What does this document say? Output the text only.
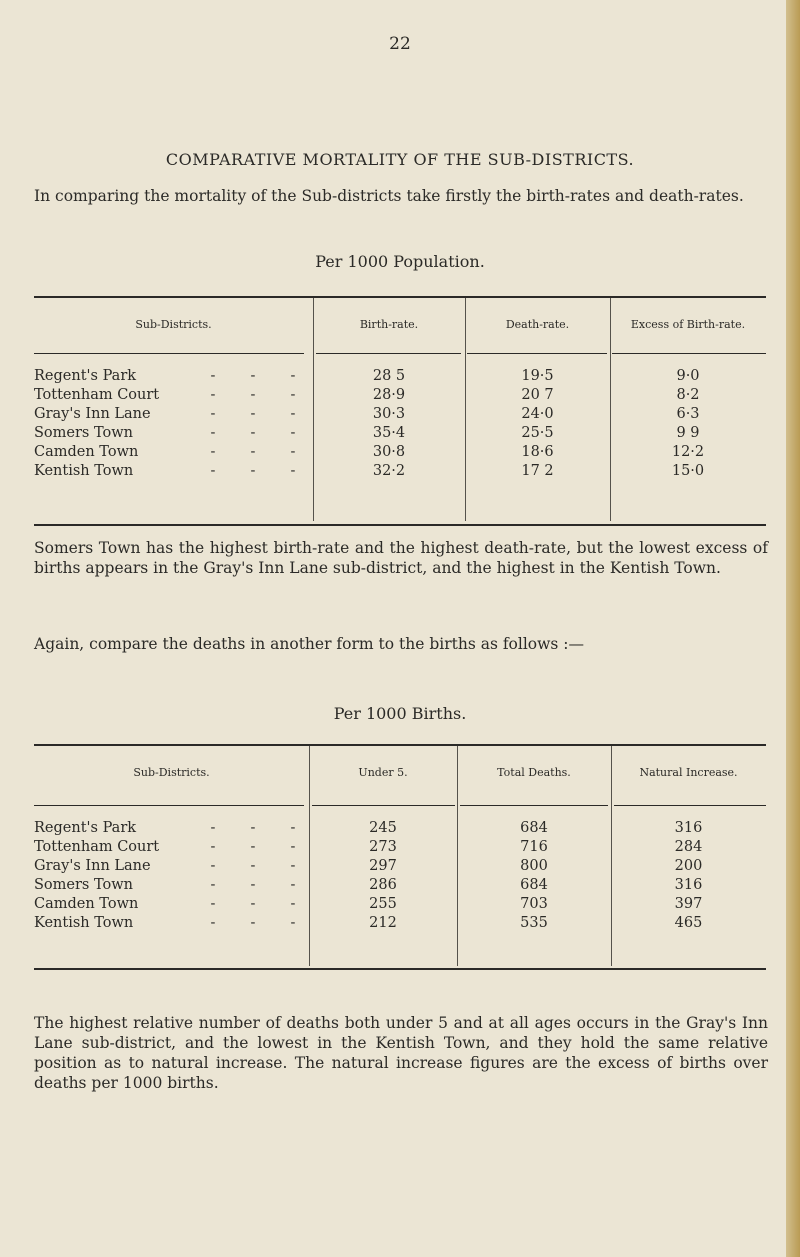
22
COMPARATIVE MORTALITY OF THE SUB-DISTRICTS.
In comparing the mortality of the Sub-districts take firstly the birth-rates and death-rates.
Per 1000 Population.
Sub-Districts.	Birth-rate.	Death-rate.	Excess of Birth-rate.
Regent's Park	- - -	28 5	19·5	9·0
Tottenham Court	- - -	28·9	20 7	8·2
Gray's Inn Lane	- - -	30·3	24·0	6·3
Somers Town	- - -	35·4	25·5	9 9
Camden Town	- - -	30·8	18·6	12·2
Kentish Town	- - -	32·2	17 2	15·0
Somers Town has the highest birth-rate and the highest death-rate, but the lowest excess of births appears in the Gray's Inn Lane sub-district, and the highest in the Kentish Town.
Again, compare the deaths in another form to the births as follows :—
Per 1000 Births.
Sub-Districts.	Under 5.	Total Deaths.	Natural Increase.
Regent's Park	- - -	245	684	316
Tottenham Court	- - -	273	716	284
Gray's Inn Lane	- - -	297	800	200
Somers Town	- - -	286	684	316
Camden Town	- - -	255	703	397
Kentish Town	- - -	212	535	465
The highest relative number of deaths both under 5 and at all ages occurs in the Gray's Inn Lane sub-district, and the lowest in the Kentish Town, and they hold the same relative position as to natural increase. The natural increase figures are the excess of births over deaths per 1000 births.
